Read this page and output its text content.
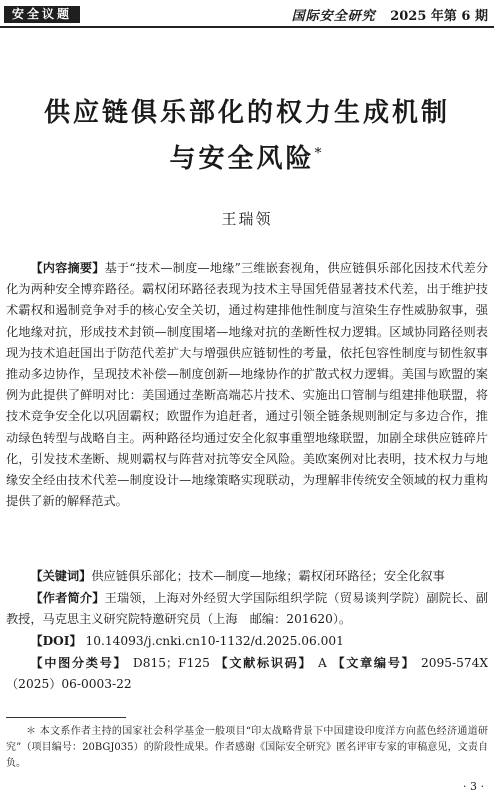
安全议题	国际安全研究 2025 年第 6 期
供应链俱乐部化的权力生成机制
与安全风险*
王瑞领

【内容摘要】基于“技术—制度—地缘”三维嵌套视角，供应链俱乐部化因技术代差分化为两种安全博弈路径。霸权闭环路径表现为技术主导国凭借显著技术代差，出于维护技术霸权和遏制竞争对手的核心安全关切，通过构建排他性制度与渲染生存性威胁叙事，强化地缘对抗，形成技术封锁—制度围堵—地缘对抗的垄断性权力逻辑。区域协同路径则表现为技术追赶国出于防范代差扩大与增强供应链韧性的考量，依托包容性制度与韧性叙事推动多边协作，呈现技术补偿—制度创新—地缘协作的扩散式权力逻辑。美国与欧盟的案例为此提供了鲜明对比：美国通过垄断高端芯片技术、实施出口管制与组建排他联盟，将技术竞争安全化以巩固霸权；欧盟作为追赶者，通过引领全链条规则制定与多边合作，推动绿色转型与战略自主。两种路径均通过安全化叙事重塑地缘联盟，加剧全球供应链碎片化，引发技术垄断、规则霸权与阵营对抗等安全风险。美欧案例对比表明，技术权力与地缘安全经由技术代差—制度设计—地缘策略实现联动，为理解非传统安全领域的权力重构提供了新的解释范式。

【关键词】供应链俱乐部化；技术—制度—地缘；霸权闭环路径；安全化叙事

【作者简介】王瑞领，上海对外经贸大学国际组织学院（贸易谈判学院）副院长、副教授，马克思主义研究院特邀研究员（上海　邮编：201620）。

【DOI】 10.14093/j.cnki.cn10-1132/d.2025.06.001

【中图分类号】 D815；F125 【文献标识码】 A 【文章编号】 2095-574X（2025）06-0003-22

＊ 本文系作者主持的国家社会科学基金一般项目“印太战略背景下中国建设印度洋方向蓝色经济通道研究”（项目编号：20BGJ035）的阶段性成果。作者感谢《国际安全研究》匿名评审专家的审稿意见，文责自负。

· 3 ·
